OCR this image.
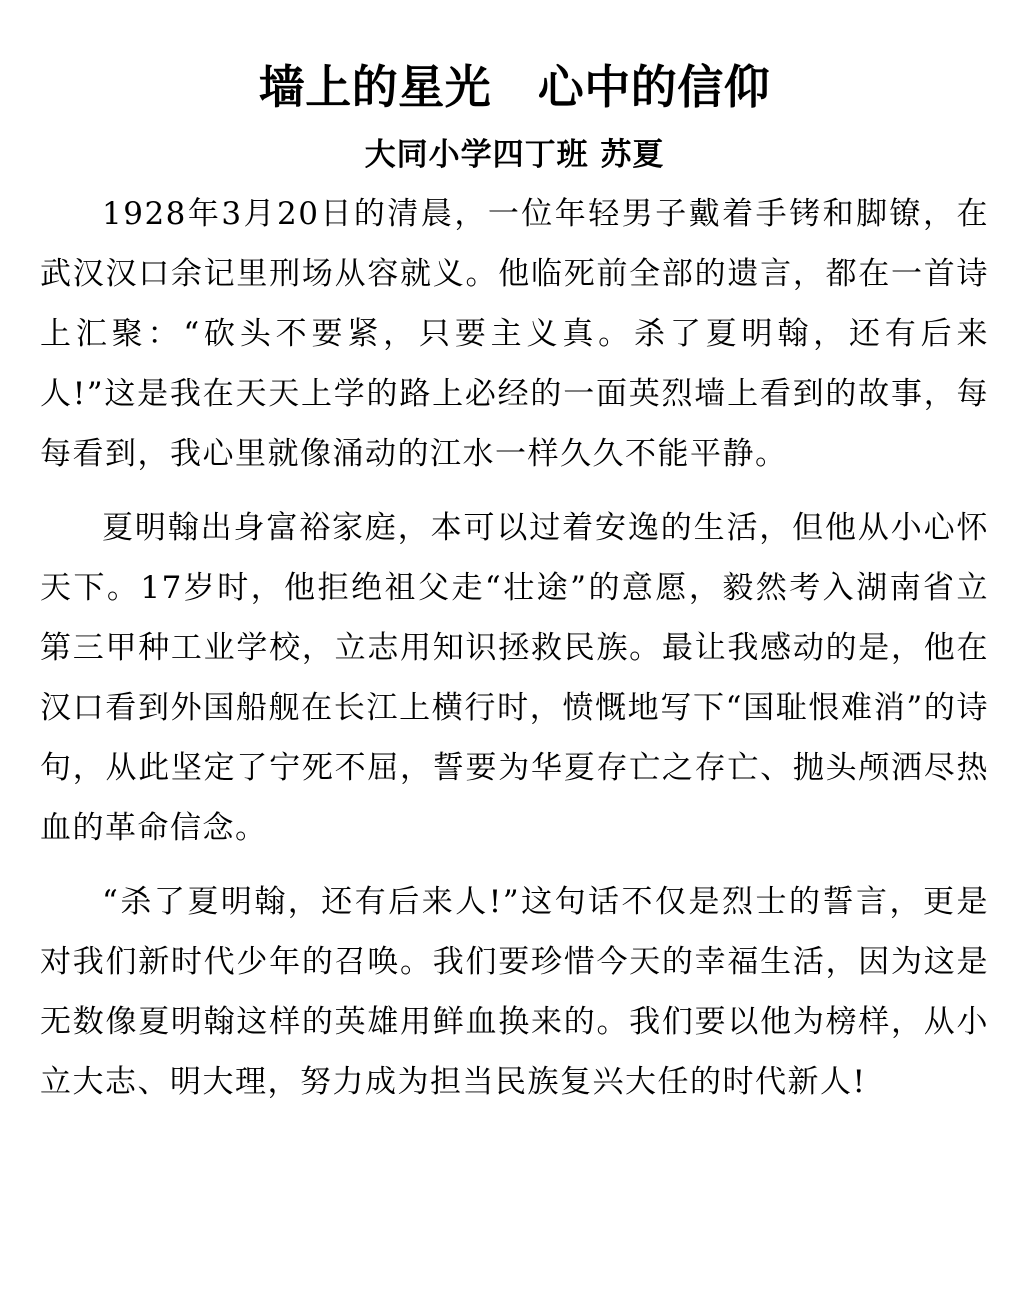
墙上的星光　心中的信仰
大同小学四丁班 苏夏

1928年3月20日的清晨，一位年轻男子戴着手铐和脚镣，在武汉汉口余记里刑场从容就义。他临死前全部的遗言，都在一首诗上汇聚：“砍头不要紧，只要主义真。杀了夏明翰，还有后来人!”这是我在天天上学的路上必经的一面英烈墙上看到的故事，每每看到，我心里就像涌动的江水一样久久不能平静。

夏明翰出身富裕家庭，本可以过着安逸的生活，但他从小心怀天下。17岁时，他拒绝祖父走“壮途”的意愿，毅然考入湖南省立第三甲种工业学校，立志用知识拯救民族。最让我感动的是，他在汉口看到外国船舰在长江上横行时，愤慨地写下“国耻恨难消”的诗句，从此坚定了宁死不屈，誓要为华夏存亡之存亡、抛头颅洒尽热血的革命信念。

“杀了夏明翰，还有后来人!”这句话不仅是烈士的誓言，更是对我们新时代少年的召唤。我们要珍惜今天的幸福生活，因为这是无数像夏明翰这样的英雄用鲜血换来的。我们要以他为榜样，从小立大志、明大理，努力成为担当民族复兴大任的时代新人!
